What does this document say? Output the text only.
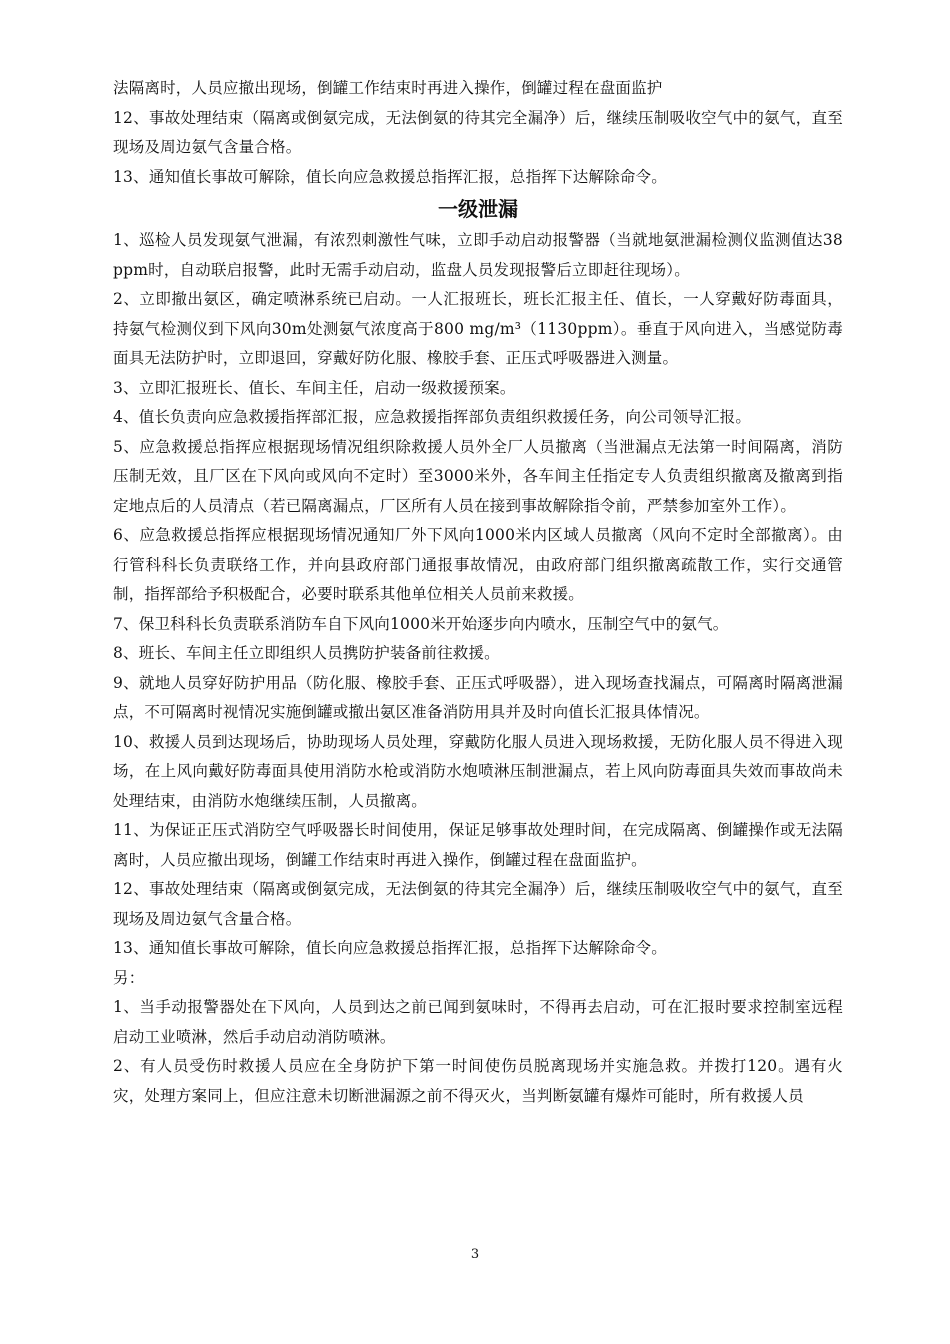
法隔离时，人员应撤出现场，倒罐工作结束时再进入操作，倒罐过程在盘面监护

12、事故处理结束（隔离或倒氨完成，无法倒氨的待其完全漏净）后，继续压制吸收空气中的氨气，直至现场及周边氨气含量合格。

13、通知值长事故可解除，值长向应急救援总指挥汇报，总指挥下达解除命令。

一级泄漏

1、巡检人员发现氨气泄漏，有浓烈刺激性气味，立即手动启动报警器（当就地氨泄漏检测仪监测值达38ppm时，自动联启报警，此时无需手动启动，监盘人员发现报警后立即赶往现场）。

2、立即撤出氨区，确定喷淋系统已启动。一人汇报班长，班长汇报主任、值长，一人穿戴好防毒面具，持氨气检测仪到下风向30m处测氨气浓度高于800 mg/m³（1130ppm）。垂直于风向进入，当感觉防毒面具无法防护时，立即退回，穿戴好防化服、橡胶手套、正压式呼吸器进入测量。

3、立即汇报班长、值长、车间主任，启动一级救援预案。

4、值长负责向应急救援指挥部汇报，应急救援指挥部负责组织救援任务，向公司领导汇报。

5、应急救援总指挥应根据现场情况组织除救援人员外全厂人员撤离（当泄漏点无法第一时间隔离，消防压制无效，且厂区在下风向或风向不定时）至3000米外，各车间主任指定专人负责组织撤离及撤离到指定地点后的人员清点（若已隔离漏点，厂区所有人员在接到事故解除指令前，严禁参加室外工作）。

6、应急救援总指挥应根据现场情况通知厂外下风向1000米内区域人员撤离（风向不定时全部撤离）。由行管科科长负责联络工作，并向县政府部门通报事故情况，由政府部门组织撤离疏散工作，实行交通管制，指挥部给予积极配合，必要时联系其他单位相关人员前来救援。

7、保卫科科长负责联系消防车自下风向1000米开始逐步向内喷水，压制空气中的氨气。

8、班长、车间主任立即组织人员携防护装备前往救援。

9、就地人员穿好防护用品（防化服、橡胶手套、正压式呼吸器），进入现场查找漏点，可隔离时隔离泄漏点，不可隔离时视情况实施倒罐或撤出氨区准备消防用具并及时向值长汇报具体情况。

10、救援人员到达现场后，协助现场人员处理，穿戴防化服人员进入现场救援，无防化服人员不得进入现场，在上风向戴好防毒面具使用消防水枪或消防水炮喷淋压制泄漏点，若上风向防毒面具失效而事故尚未处理结束，由消防水炮继续压制，人员撤离。

11、为保证正压式消防空气呼吸器长时间使用，保证足够事故处理时间，在完成隔离、倒罐操作或无法隔离时，人员应撤出现场，倒罐工作结束时再进入操作，倒罐过程在盘面监护。

12、事故处理结束（隔离或倒氨完成，无法倒氨的待其完全漏净）后，继续压制吸收空气中的氨气，直至现场及周边氨气含量合格。

13、通知值长事故可解除，值长向应急救援总指挥汇报，总指挥下达解除命令。

另：

1、当手动报警器处在下风向，人员到达之前已闻到氨味时，不得再去启动，可在汇报时要求控制室远程启动工业喷淋，然后手动启动消防喷淋。

2、有人员受伤时救援人员应在全身防护下第一时间使伤员脱离现场并实施急救。并拨打120。遇有火灾，处理方案同上，但应注意未切断泄漏源之前不得灭火，当判断氨罐有爆炸可能时，所有救援人员

3
